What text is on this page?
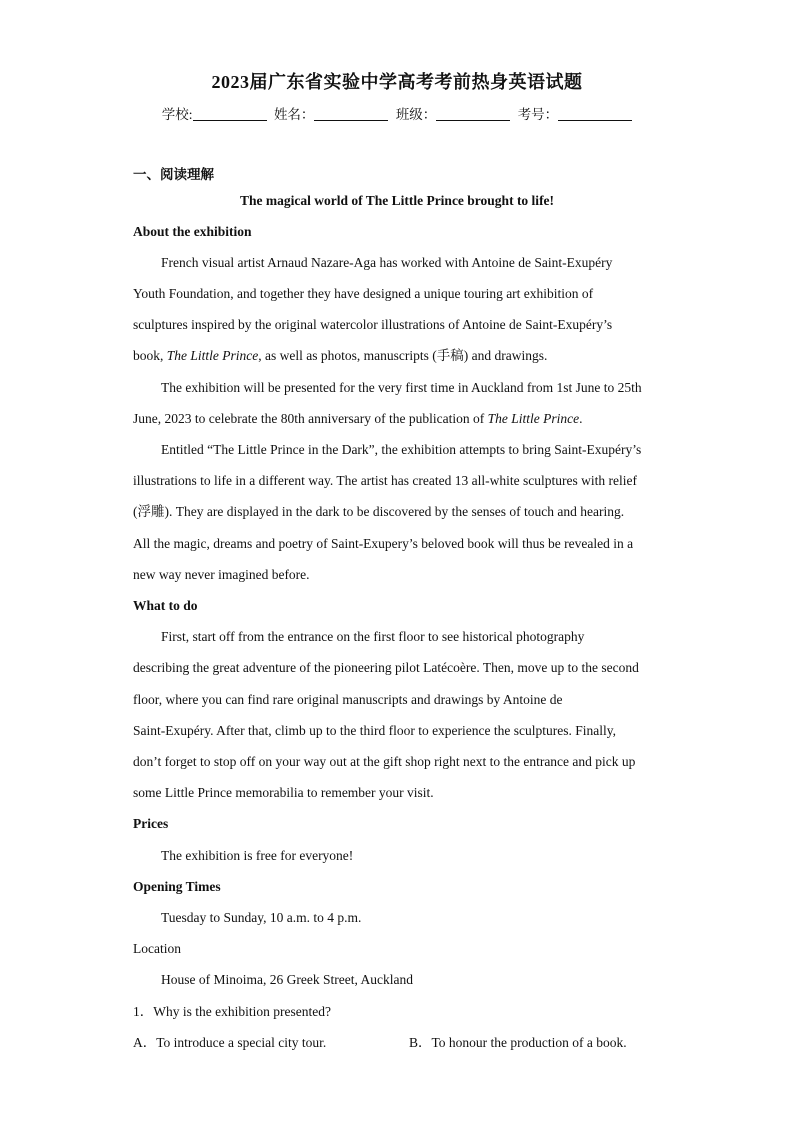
2023届广东省实验中学高考考前热身英语试题
学校:	姓名：	班级：	考号：
一、阅读理解
The magical world of The Little Prince brought to life!
About the exhibition
French visual artist Arnaud Nazare-Aga has worked with Antoine de Saint-Exupéry
Youth Foundation, and together they have designed a unique touring art exhibition of
sculptures inspired by the original watercolor illustrations of Antoine de Saint-Exupéry’s
book, The Little Prince, as well as photos, manuscripts (手稿) and drawings.
The exhibition will be presented for the very first time in Auckland from 1st June to 25th
June, 2023 to celebrate the 80th anniversary of the publication of The Little Prince.
Entitled “The Little Prince in the Dark”, the exhibition attempts to bring Saint-Exupéry’s
illustrations to life in a different way. The artist has created 13 all-white sculptures with relief
(浮雕). They are displayed in the dark to be discovered by the senses of touch and hearing.
All the magic, dreams and poetry of Saint-Exupery’s beloved book will thus be revealed in a
new way never imagined before.
What to do
First, start off from the entrance on the first floor to see historical photography
describing the great adventure of the pioneering pilot Latécoère. Then, move up to the second
floor, where you can find rare original manuscripts and drawings by Antoine de
Saint-Exupéry. After that, climb up to the third floor to experience the sculptures. Finally,
don’t forget to stop off on your way out at the gift shop right next to the entrance and pick up
some Little Prince memorabilia to remember your visit.
Prices
The exhibition is free for everyone!
Opening Times
Tuesday to Sunday, 10 a.m. to 4 p.m.
Location
House of Minoima, 26 Greek Street, Auckland
1．Why is the exhibition presented?
A．To introduce a special city tour.	B．To honour the production of a book.
